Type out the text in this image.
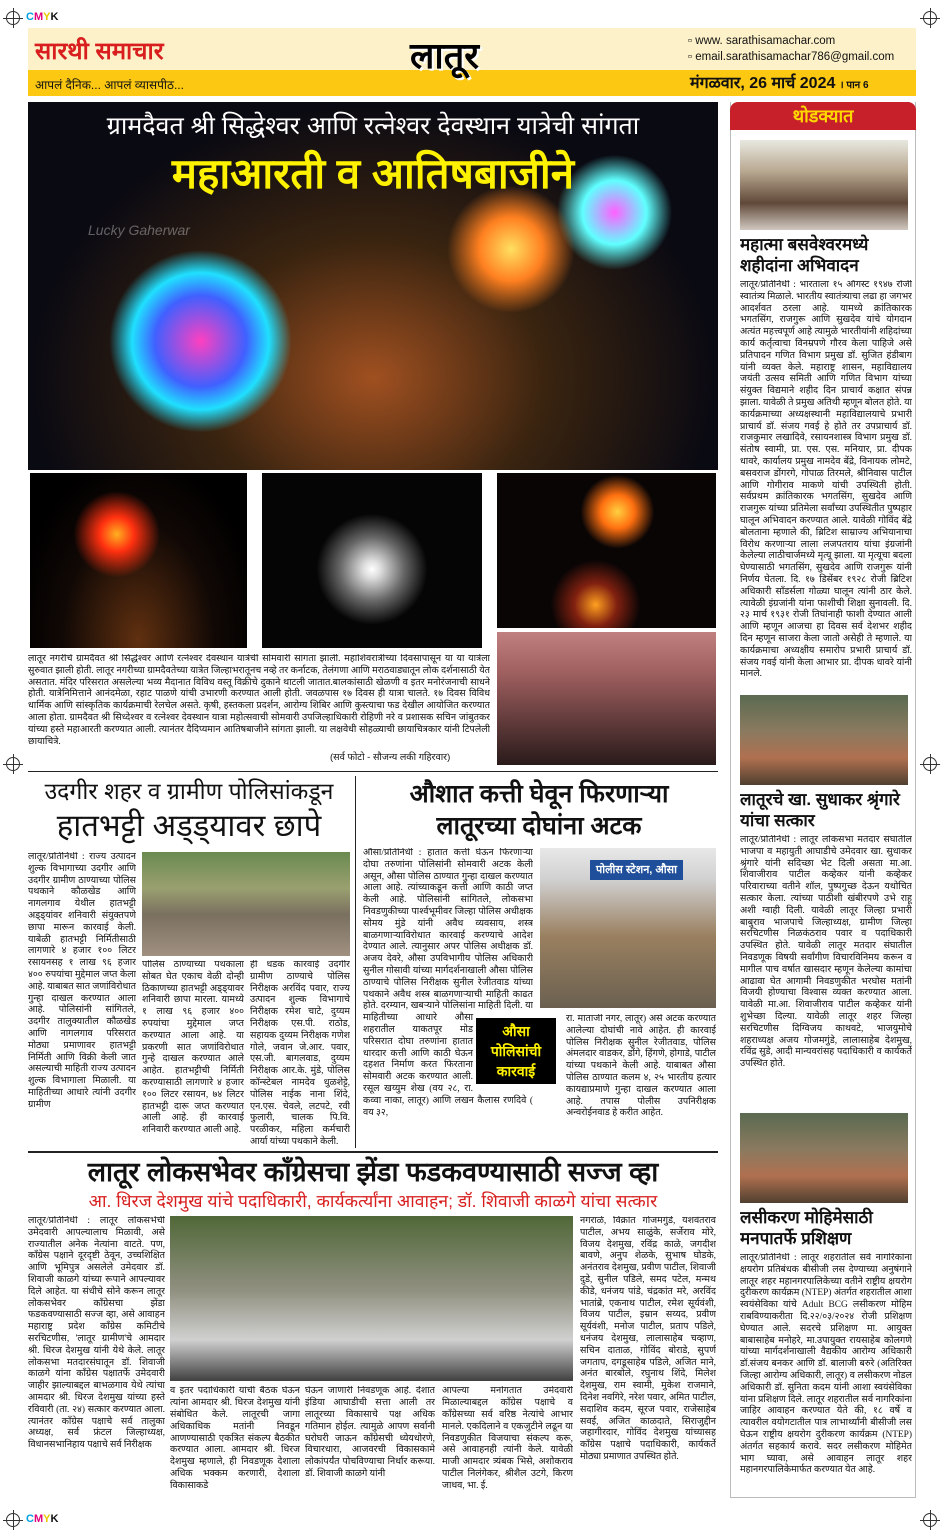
CMYK
CMYK
सारथी समाचार
आपलं दैनिक... आपलं व्यासपीठ...
लातूर	▫ www. sarathisamachar.com
▫ email.sarathisamachar786@gmail.com
मंगळवार, 26 मार्च 2024 । पान 6
ग्रामदैवत श्री सिद्धेश्वर आणि रत्नेश्वर देवस्थान यात्रेची सांगता
महाआरती व आतिषबाजीने
Lucky Gaherwar
लातूर नगरीचे ग्रामदैवत श्री सिद्धेश्वर आणि रत्नेश्वर देवस्थान यात्रेची सोमवारी सांगता झाली. महाशिवरात्रीच्या दिवसापासून या या यात्रेला सुरुवात झाली होती. लातूर नगरीच्या ग्रामदैवतेच्या यात्रेत जिल्हाभरातूनच नव्हे तर कर्नाटक, तेलंगणा आणि मराठवाड्यातून लोक दर्शनासाठी येत असतात. मंदिर परिसरात असलेल्या भव्य मैदानात विविध वस्तू विक्रीचे दुकाने थाटली जातात.बालकांसाठी खेळणी व इतर मनोरंजनाची साधने होती. यात्रेनिमित्ताने आनंदमेळा, रहाट पाळणे यांची उभारणी करण्यात आली होती. जवळपास १७ दिवस ही यात्रा चालते. १७ दिवस विविध धार्मिक आणि सांस्कृतिक कार्यक्रमाची रेलचेल असते. कृषी, हस्तकला प्रदर्शन, आरोग्य शिबिर आणि कुस्त्याचा फड देखील आयोजित करण्यात आला होता. ग्रामदैवत श्री सिध्देश्वर व रत्नेश्वर देवस्थान यात्रा महोत्सवाची सोमवारी उपजिल्हाधिकारी रोहिणी नरे व प्रशासक सचिन जांबुतकर यांच्या हस्ते महाआरती करण्यात आली. त्यानंतर दैदिप्यमान आतिषबाजीने सांगता झाली. या लक्षवेधी सोहळ्याची छायाचित्रकार यांनी टिपलेली छायाचित्रे.
(सर्व फोटो - सौजन्य लकी गहिरवार)
उदगीर शहर व ग्रामीण पोलिसांकडून
हातभट्टी अड्ड्यावर छापे
लातूर/प्रतिनिधी : राज्य उत्पादन शुल्क विभागाच्या उदगीर आणि उदगीर ग्रामीण ठाण्याच्या पोलिस पथकाने कौळखेड आणि नागलगाव येथील हातभट्टी अड्ड्यांवर शनिवारी संयुक्तपणे छापा मारून कारवाई केली. याबेळी हातभट्टी निर्मितीसाठी लागणारे ४ हजार १०० लिटर रसायनसह १ लाख ९६ हजार ४०० रुपयांचा मुद्देमाल जप्त केला आहे. याबाबत सात जणांविरोधात गुन्हा दाखल करण्यात आला आहे. पोलिसांनी सांगितले, उदगीर तालुक्यातील कौळखेड आणि नागलगाव परिसरात मोठ्या प्रमाणावर हातभट्टी निर्मिती आणि विक्री केली जात असल्याची माहिती राज्य उत्पादन शुल्क विभागाला मिळाली. या माहितीच्या आधारे त्यांनी उदगीर ग्रामीण
पोलिस ठाण्याच्या पथकाला सोबत घेत एकाच वेळी दोन्ही ठिकाणच्या हातभट्टी अड्ड्यावर शनिवारी छापा मारला. यामध्ये १ लाख ९६ हजार ४०० रुपयांचा मुद्देमाल जप्त करण्यात आला आहे. या प्रकरणी सात जणांविरोधात गुन्हे दाखल करण्यात आले आहेत. हातभट्टीची निर्मिती करण्यासाठी लागणारे ४ हजार १०० लिटर रसायन, ७४ लिटर हातभट्टी दारू जप्त करण्यात आली आहे. ही कारवाई शनिवारी करण्यात आली आहे.
ही धडक कारवाई उदगीर ग्रामीण ठाण्याचे पोलिस निरीक्षक अरविंद पवार, राज्य उत्पादन शुल्क विभागाचे निरीक्षक रमेश चाटे, दुय्यम निरीक्षक एस.पी. राठोड, सहायक दुय्यम निरीक्षक गणेश गोले, जवान जे.आर. पवार, एस.जी. बागलवाड, दुय्यम निरीक्षक आर.के. मुंडे, पोलिस कॉन्स्टेबल नामदेव धुळशेट्टे, पोलिस नाईक नाना शिंदे, एन.एस. चेवले, लटपटे, रवी फुलारी, चालक पि.वि. परळीकर, महिला कर्मचारी आर्या यांच्या पथकाने केली.
औशात कत्ती घेवून फिरणाऱ्या
लातूरच्या दोघांना अटक
पोलीस स्टेशन, औसा
औसा/प्रतिनिधी : हातात कत्ती घेऊन फिरणाऱ्या दोघा तरुणांना पोलिसांनी सोमवारी अटक केली असून, औसा पोलिस ठाण्यात गुन्हा दाखल करण्यात आला आहे. त्यांच्याकडून कत्ती आणि काठी जप्त केली आहे. पोलिसांनी सांगितले, लोकसभा निवडणुकीच्या पार्श्वभूमीवर जिल्हा पोलिस अधीक्षक सोमय मुंडे यांनी अवैध व्यवसाय, शस्त्र बाळगणाऱ्याविरोधात कारवाई करण्याचे आदेश देण्यात आले. त्यानुसार अपर पोलिस अधीक्षक डॉ. अजय देवरे, औसा उपविभागीय पोलिस अधिकारी सुनील गोसावी यांच्या मार्गदर्शनाखाली औसा पोलिस ठाण्याचे पोलिस निरीक्षक सुनील रेजीतवाड यांच्या पथकाने अवैध शस्त्र बाळगणाऱ्याची माहिती काढत होते. दरम्यान, खबऱ्याने पोलिसांना माहिती दिली. या माहितीच्या आधारे औसा शहरातील याकतपूर मोड परिसरात दोघा तरुणांना हातात धारदार कत्ती आणि काठी घेऊन दहशत निर्माण करत फिरताना सोमवारी अटक करण्यात आली. रसूल खय्युम शेख (वय २८, रा. कव्वा नाका, लातूर) आणि लखन कैलास रणदिवे ( वय ३२,
औसा पोलिसांची कारवाई
रा. माताजी नगर, लातूर) असे अटक करण्यात आलेल्या दोघांची नावे आहेत. ही कारवाई पोलिस निरीक्षक सुनील रेजीतवाड, पोलिस अंमलदार वाडकर, डोंगे, हिंगणे, होगाडे, पाटील यांच्या पथकाने केली आहे. याबाबत औसा पोलिस ठाण्यात कलम ४, २५ भारतीय हत्यार कायद्याप्रमाणे गुन्हा दाखल करण्यात आला आहे. तपास पोलीस उपनिरीक्षक अन्वरोईनवाड हे करीत आहेत.
लातूर लोकसभेवर काँग्रेसचा झेंडा फडकवण्यासाठी सज्ज व्हा
आ. धिरज देशमुख यांचे पदाधिकारी, कार्यकर्त्यांना आवाहन; डॉ. शिवाजी काळगे यांचा सत्कार
लातूर/प्रतिनिधी : लातूर लोकसभेची उमेदवारी आपल्यालाच मिळावी, असे राज्यातील अनेक नेत्यांना वाटते. पण, काँग्रेस पक्षाने दूरदृष्टी ठेवून, उच्चशिक्षित आणि भूमिपुत्र असलेले उमेदवार डॉ. शिवाजी काळगे यांच्या रूपाने आपल्यावर दिले आहेत. या संधीचे सोने करून लातूर लोकसभेवर काँग्रेसचा झेंडा फडकवण्यासाठी सज्ज व्हा, असे आवाहन महाराष्ट्र प्रदेश काँग्रेस कमिटीचे सरचिटणीस, 'लातूर ग्रामीण'चे आमदार श्री. धिरज देशमुख यांनी येथे केले. लातूर लोकसभा मतदारसंघातून डॉ. शिवाजी काळगे यांना काँग्रेस पक्षातर्फे उमेदवारी जाहीर झाल्याबद्दल बाभळगाव येथे त्यांचा आमदार श्री. धिरज देशमुख यांच्या हस्ते रविवारी (ता. २४) सत्कार करण्यात आला. त्यानंतर काँग्रेस पक्षाचे सर्व तालुका अध्यक्ष, सर्व फ्रंटल जिल्हाध्यक्ष, विधानसभानिहाय पक्षाचे सर्व निरीक्षक
व इतर पदाधिकारी यांची बैठक घेऊन त्यांना आमदार श्री. धिरज देशमुख यांनी संबोधित केले. लातूरची जागा अधिकाधिक मतांनी निवडून आणण्यासाठी एकत्रित संकल्प बैठकीत करण्यात आला. आमदार श्री. धिरज देशमुख म्हणाले, ही निवडणूक देशाला अधिक भक्कम करणारी, देशाला विकासाकडे
घेऊन जाणारी निवडणूक आहे. देशात इंडिया आघाडीची सत्ता आली तर लातूरच्या विकासाचे पक्ष अधिक गतिमान होईल. त्यामुळे आपण सर्वानी घरोघरी जाऊन काँग्रेसची ध्येयधोरणे, विचारधारा, आजवरची विकासकामे लोकांपर्यंत पोचविण्याचा निर्धार करूया. डॉ. शिवाजी काळगे यांनी
आपल्या मनोगतात उमेदवारी मिळाल्याबद्दल काँग्रेस पक्षाचे व काँग्रेसच्या सर्व वरिष्ठ नेत्यांचे आभार मानले. एकदिलाने व एकजुटीने लढून या निवडणुकीत विजयाचा संकल्प करू, असे आवाहनही त्यांनी केले. यावेळी माजी आमदार त्र्यंबक भिसे, अशोकराव पाटील निलंगेकर, श्रीशैल उटगे, किरण जाधव, भा. ई.
नगराळे, विक्रांत गोजमगुंडे, यशवंतराव पाटील, अभय साळुंके, सर्जेराव मोरे, विजय देशमुख, रविंद्र काळे, जगदीश बावणे, अनुप शेळके, सुभाष घोडके, अनंतराव देशमुख, प्रवीण पाटील, शिवाजी दुडे, सुनील पडिले, समद पटेल, मन्मथ कीडे, धनंजय पांडे, चंद्रकांत मरे, अरविंद भातांब्रे, एकनाथ पाटील, रमेश सूर्यवंशी, विजय पाटील, इम्रान सय्यद, प्रवीण सूर्यवंशी, मनोज पाटील, प्रताप पडिले, धनंजय देशमुख, लालासाहेब चव्हाण, सचिन दाताळ, गोविंद बोराडे, सुपर्ण जगताप, दगडूसाहेब पडिले, अजित माने, अनंत बारबोले, रघुनाथ शिंदे, मिलेश देशमुख, राम स्वामी, मुकेश राजमाने, दिनेश नवगिरे, नरेश पवार, अमित पाटील, सदाशिव कदम, सूरज पवार, राजेसाहेब सवई, अजित काळदाते, सिराजुद्दीन जहागीरदार, गोविंद देशमुख यांच्यासह काँग्रेस पक्षाचे पदाधिकारी, कार्यकर्ते मोठ्या प्रमाणात उपस्थित होते.
थोडक्यात
महात्मा बसवेश्वरमध्ये शहीदांना अभिवादन
लातूर/प्रतिनिधी : भारताला १५ ऑगस्ट १९४७ रोजी स्वातंत्र्य मिळाले. भारतीय स्वातंत्र्याचा लढा हा जगभर आदर्शवत ठरला आहे. यामध्ये क्रांतिकारक भगतसिंग, राजगुरू आणि सुखदेव यांचे योगदान अत्यंत महत्त्वपूर्ण आहे त्यामुळे भारतीयांनी शहिदांच्या कार्य कर्तृत्वाचा विनम्रपणे गौरव केला पाहिजे असे प्रतिपादन गणित विभाग प्रमुख डॉ. सुजित हंडीबाग यांनी व्यक्त केले. महाराष्ट्र शासन, महाविद्यालय जयंती उत्सव समिती आणि गणित विभाग यांच्या संयुक्त विद्यमाने शहीद दिन प्राचार्य कक्षात संपन्न झाला. यावेळी ते प्रमुख अतिथी म्हणून बोलत होते. या कार्यक्रमाच्या अध्यक्षस्थानी महाविद्यालयाचे प्रभारी प्राचार्य डॉ. संजय गवई हे होते तर उपप्राचार्य डॉ. राजकुमार लखादिवे, रसायनशास्त्र विभाग प्रमुख डॉ. संतोष स्वामी, प्रा. एस. एस. मनियार, प्रा. दीपक धावरे, कार्यालय प्रमुख नामदेव बेंद्रे, विनायक लोमटे, बसवराज डोंगरगे, गोपाळ तिरमले, श्रीनिवास पाटील आणि गोगीराव माकणे यांची उपस्थिती होती. सर्वप्रथम क्रांतिकारक भगतसिंग, सुखदेव आणि राजगुरू यांच्या प्रतिमेला सर्वांच्या उपस्थितीत पुष्पहार घालून अभिवादन करण्यात आले. यावेळी गोविंद बेंद्रे बोलताना म्हणाले की, ब्रिटिश साम्राज्य अभियानाचा विरोध करणाऱ्या लाला लजपतराय यांचा इंग्रजांनी केलेल्या लाठीचार्जमध्ये मृत्यू झाला. या मृत्यूचा बदला घेण्यासाठी भगतसिंग, सुखदेव आणि राजगुरू यांनी निर्णय घेतला. दि. १७ डिसेंबर १९२८ रोजी ब्रिटिश अधिकारी सॉंडर्सला गोळ्या घालून त्यांनी ठार केले. त्यावेळी इंग्रजांनी यांना फाशीची शिक्षा सुनावली. दि. २३ मार्च १९३१ रोजी तिघांनाही फाशी देण्यात आली आणि म्हणून आजचा हा दिवस सर्व देशभर शहीद दिन म्हणून साजरा केला जातो असेही ते म्हणाले. या कार्यक्रमाचा अध्यक्षीय समारोप प्रभारी प्राचार्य डॉ. संजय गवई यांनी केला आभार प्रा. दीपक धावरे यांनी मानले.
लातूरचे खा. सुधाकर श्रृंगारे यांचा सत्कार
लातूर/प्रतिनिधी : लातूर लोकसभा मतदार संघातील भाजपा व महायुती आघाडीचे उमेदवार खा. सुधाकर श्रृंगारे यांनी सदिच्छा भेट दिली असता मा.आ. शिवाजीराव पाटील कव्हेकर यांनी कव्हेकर परिवाराच्या वतीने शॉल, पुष्पगुच्छ देऊन यथोचित सत्कार केला. त्यांच्या पाठीशी खंबीरपणे उभे राहू अशी ग्वाही दिली. यावेळी लातूर जिल्हा प्रभारी बाबुराव भाजपाचे जिल्हाध्यक्ष, ग्रामीण जिल्हा सरचिटणीस निळकंठराव पवार व पदाधिकारी उपस्थित होते. यावेळी लातूर मतदार संघातील निवडणूक विषयी सर्वांगीण विचारविनिमय करून व मागील पाच वर्षात खासदार म्हणून केलेल्या कामांचा आढावा घेत आगामी निवडणुकीत भरघोस मतांनी विजयी होण्याचा विश्वास व्यक्त करण्यात आला. यावेळी मा.आ. शिवाजीराव पाटील कव्हेकर यांनी शुभेच्छा दिल्या. यावेळी लातूर शहर जिल्हा सरचिटणीस दिग्विजय काथवटे, भाजयुमोचे शहराध्यक्ष अजय गोजमगुंडे, लालासाहेब देशमुख, रविंद्र सुडे, आदी मान्यवरांसह पदाधिकारी व कार्यकर्ते उपस्थित होते.
लसीकरण मोहिमेसाठी मनपातर्फे प्रशिक्षण
लातूर/प्रतिनिधी : लातूर शहरातील सर्व नागरिकांना क्षयरोग प्रतिबंधक बीसीजी लस देण्याच्या अनुषंगाने लातूर शहर महानगरपालिकेच्या वतीने राष्ट्रीय क्षयरोग दुरीकरण कार्यक्रम (NTEP) अंतर्गत शहरातील आशा स्वयंसेविका यांचे Adult BCG लसीकरण मोहिम राबविण्याकरीता दि.२२/०३/२०२४ रोजी प्रशिक्षण घेण्यात आले. सदरचे प्रशिक्षण मा. आयुक्त बाबासाहेब मनोहरे, मा.उपायुक्त रायसाहेब कोलगणे यांच्या मार्गदर्शनाखाली वैद्यकीय आरोग्य अधिकारी डॉ.संजय बनकर आणि डॉ. बालाजी बरुरे (अतिरिक्त जिल्हा आरोग्य अधिकारी, लातूर) व लसीकरण नोडल अधिकारी डॉ. सुनिता कदम यांनी आशा स्वयंसेविका यांना प्रशिक्षण दिले. लातूर शहरातील सर्व नागरिकांना जाहिर आवाहन करण्यात येते की, १८ वर्षे व त्यावरील वयोगटातील पात्र लाभार्थ्यांनी बीसीजी लस घेऊन राष्ट्रीय क्षयरोग दुरीकरण कार्यक्रम (NTEP) अंतर्गत सहकार्य करावे. सदर लसीकरण मोहिमेत भाग घ्यावा, असे आवाहन लातूर शहर महानगरपालिकेमार्फत करण्यात येत आहे.
